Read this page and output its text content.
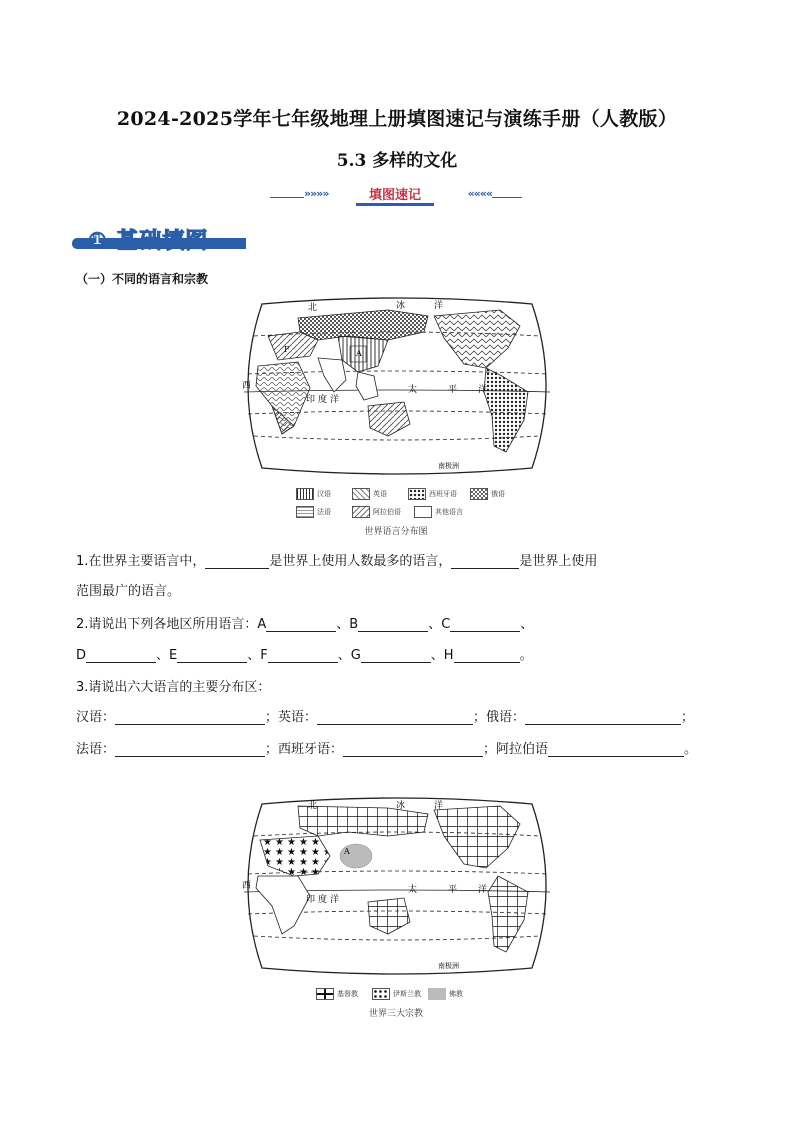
2024-2025学年七年级地理上册填图速记与演练手册（人教版）
5.3 多样的文化
»»»»	填图速记	««««
① 基础填图
（一）不同的语言和宗教
A
F
北	冰	洋
太	平 洋
印 度 洋
西
南极洲
汉语	英语	西班牙语	俄语
法语	阿拉伯语	其他语言
世界语言分布图
1.在世界主要语言中，	是世界上使用人数最多的语言，	是世界上使用
范围最广的语言。
2.请说出下列各地区所用语言：A	、B	、C	、
D	、E	、F	、G	、H	。
3.请说出六大语言的主要分布区：
汉语：	；英语：	；俄语：	；
法语：	；西班牙语：	；阿拉伯语	。
A
北	冰	洋
太	平 洋
印 度 洋
西
南极洲
基督教	伊斯兰教	佛教
世界三大宗教
